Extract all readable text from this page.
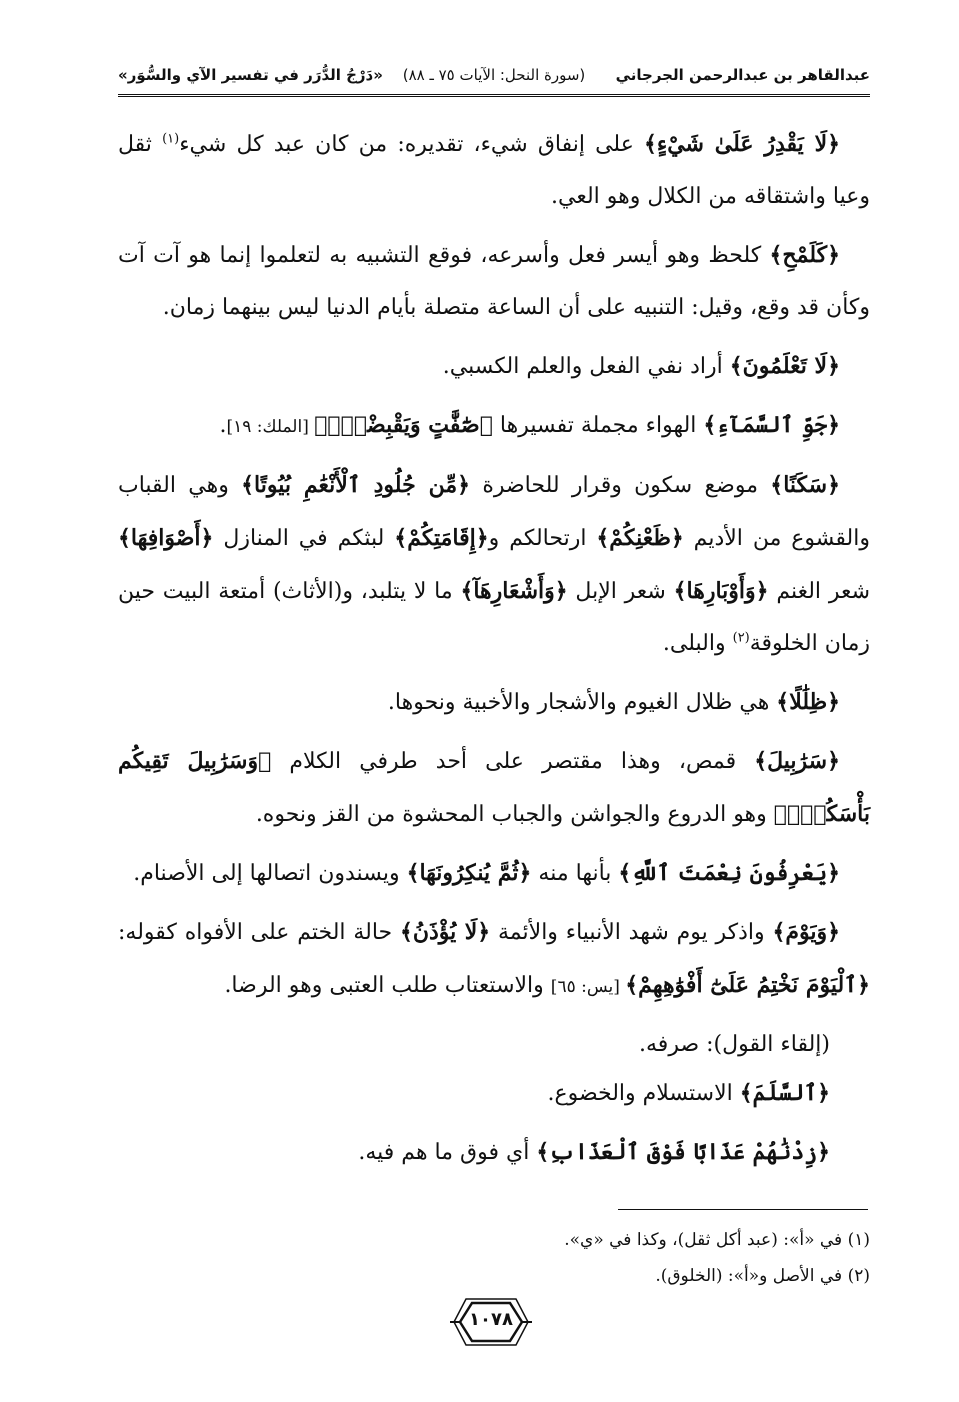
عبدالقاهر بن عبدالرحمن الجرجاني
(سورة النحل: الآيات ٧٥ ـ ٨٨)
«دَرْجُ الدُّرَر في تفسير الآي والسُّوَر»

﴿لَا يَقْدِرُ عَلَىٰ شَيْءٍ﴾ على إنفاق شيء، تقديره: من كان عبد كل شيء$^{(١)}$ ثقل وعيا واشتقاقه من الكلال وهو العي.

﴿كَلَمْحِ﴾ كلحظ وهو أيسر فعل وأسرعه، فوقع التشبيه به لتعلموا إنما هو آت آت وكأن قد وقع، وقيل: التنبيه على أن الساعة متصلة بأيام الدنيا ليس بينهما زمان.

﴿لَا تَعْلَمُونَ﴾ أراد نفي الفعل والعلم الكسبي.

﴿جَوِّ ٱلسَّمَآءِ﴾ الهواء مجملة تفسيرها ﴿صَٰٓفَّٰتٍ وَيَقْبِضْنَۚ﴾ [الملك: ١٩].

﴿سَكَنًا﴾ موضع سكون وقرار للحاضرة ﴿مِّن جُلُودِ ٱلْأَنْعَٰمِ بُيُوتًا﴾ وهي القباب والقشوع من الأديم ﴿ظَعْنِكُمْ﴾ ارتحالكم و﴿إِقَامَتِكُمْ﴾ لبثكم في المنازل ﴿أَصْوَافِهَا﴾ شعر الغنم ﴿وَأَوْبَارِهَا﴾ شعر الإبل ﴿وَأَشْعَارِهَآ﴾ ما لا يتلبد، و(الأثاث) أمتعة البيت حين زمان الخلوقة$^{(٢)}$ والبلى.

﴿ظِلَٰلًا﴾ هي ظلال الغيوم والأشجار والأخبية ونحوها.

﴿سَرَٰبِيلَ﴾ قمص، وهذا مقتصر على أحد طرفي الكلام ﴿وَسَرَٰبِيلَ تَقِيكُم بَأْسَكُمْۚ﴾ وهو الدروع والجواشن والجباب المحشوة من القز ونحوه.

﴿يَعْرِفُونَ نِعْمَتَ ٱللَّهِ﴾ بأنها منه ﴿ثُمَّ يُنكِرُونَهَا﴾ ويسندون اتصالها إلى الأصنام.

﴿وَيَوْمَ﴾ واذكر يوم شهد الأنبياء والأئمة ﴿لَا يُؤْذَنُ﴾ حالة الختم على الأفواه كقوله: ﴿ٱلْيَوْمَ نَخْتِمُ عَلَىٰٓ أَفْوَٰهِهِمْ﴾ [يس: ٦٥] والاستعتاب طلب العتبى وهو الرضا.

(إلقاء القول): صرفه.

﴿ٱلسَّلَمَ﴾ الاستسلام والخضوع.

﴿زِدْنَٰهُمْ عَذَابًا فَوْقَ ٱلْعَذَابِ﴾ أي فوق ما هم فيه.

(١) في «أ»: (عبد أكل ثقل)، وكذا في «ي».

(٢) في الأصل و«أ»: (الخلوق).

١٠٧٨
